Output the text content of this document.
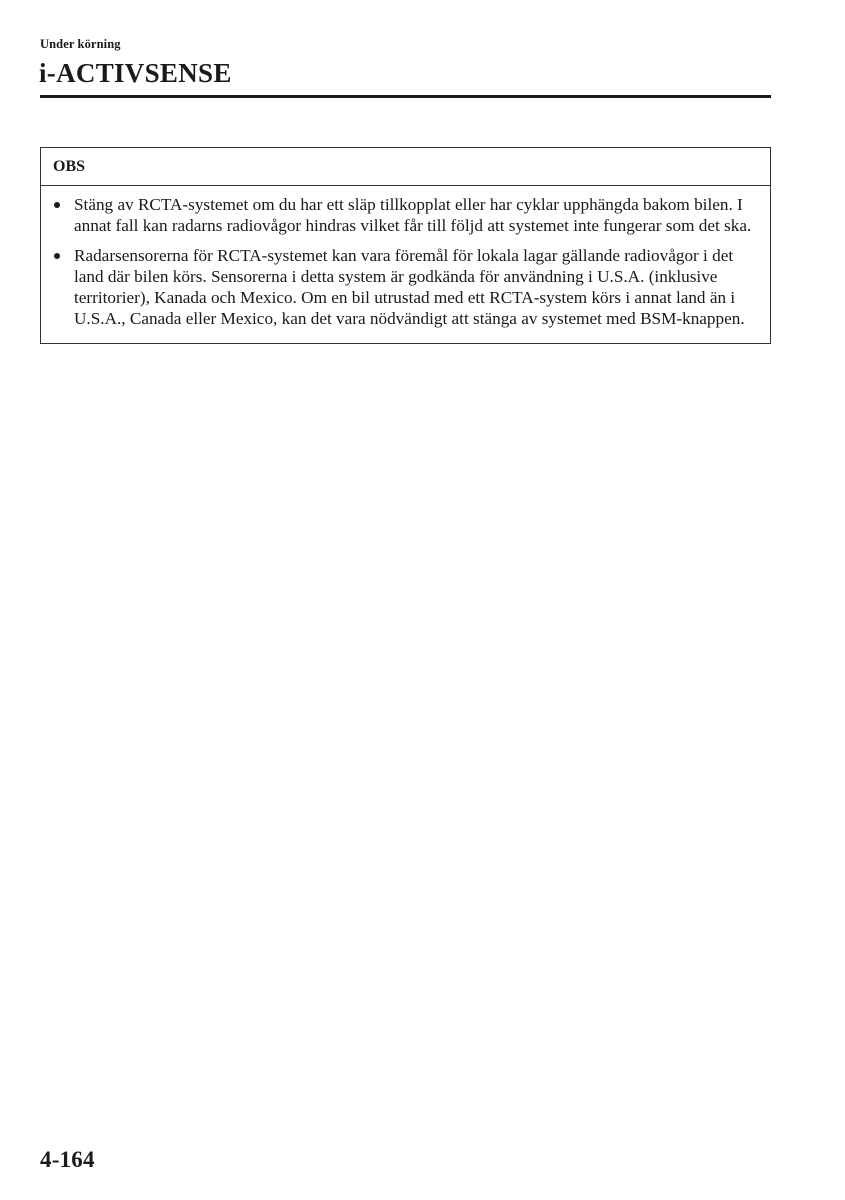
Under körning
i-ACTIVSENSE
OBS
Stäng av RCTA-systemet om du har ett släp tillkopplat eller har cyklar upphängda bakom bilen. I annat fall kan radarns radiovågor hindras vilket får till följd att systemet inte fungerar som det ska.
Radarsensorerna för RCTA-systemet kan vara föremål för lokala lagar gällande radiovågor i det land där bilen körs. Sensorerna i detta system är godkända för användning i U.S.A. (inklusive territorier), Kanada och Mexico. Om en bil utrustad med ett RCTA-system körs i annat land än i U.S.A., Canada eller Mexico, kan det vara nödvändigt att stänga av systemet med BSM-knappen.
4-164
